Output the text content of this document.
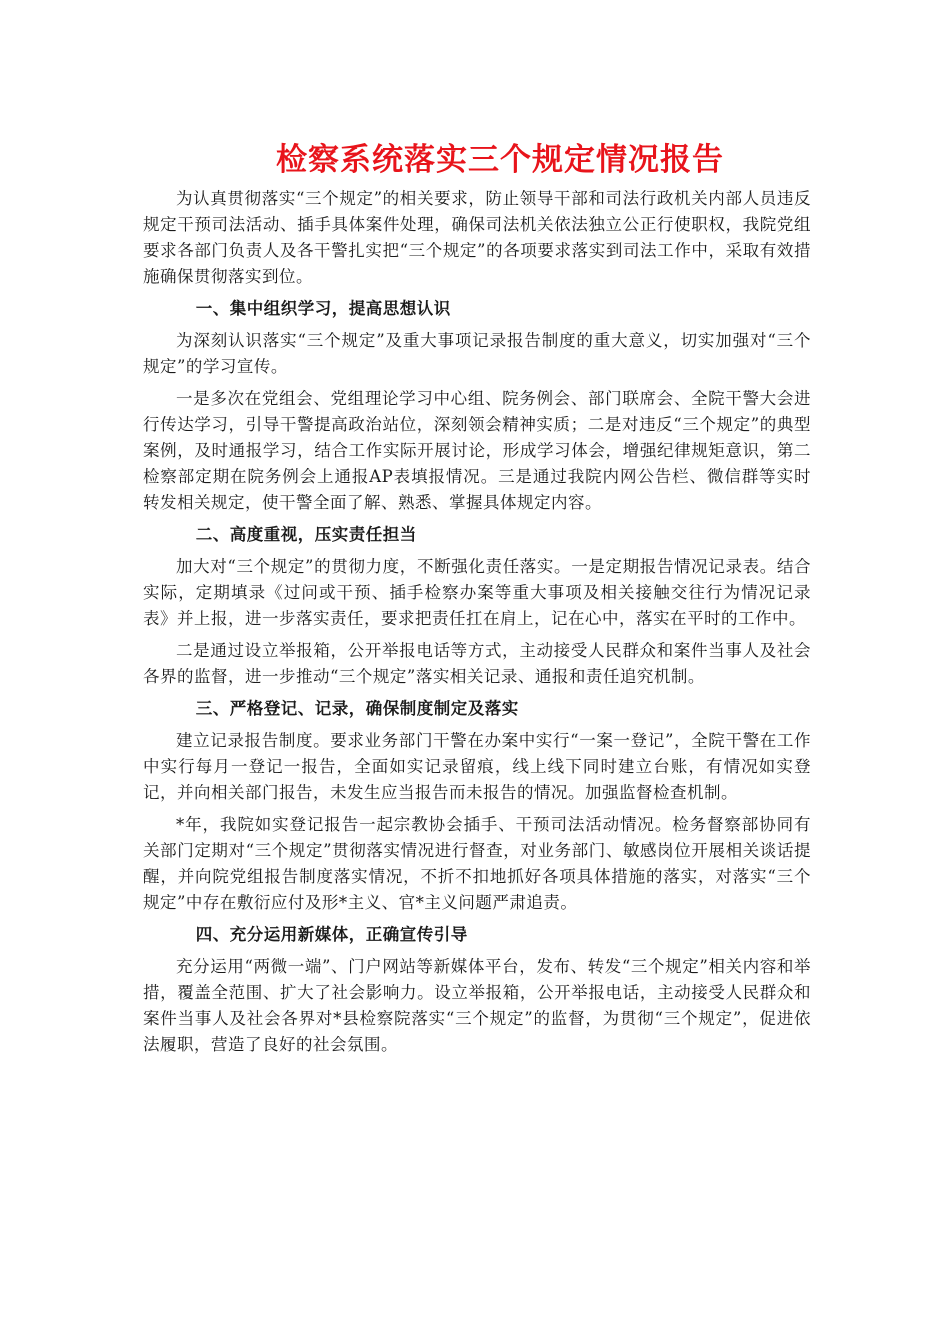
检察系统落实三个规定情况报告

为认真贯彻落实“三个规定”的相关要求，防止领导干部和司法行政机关内部人员违反规定干预司法活动、插手具体案件处理，确保司法机关依法独立公正行使职权，我院党组要求各部门负责人及各干警扎实把“三个规定”的各项要求落实到司法工作中，采取有效措施确保贯彻落实到位。

一、集中组织学习，提高思想认识

为深刻认识落实“三个规定”及重大事项记录报告制度的重大意义，切实加强对“三个规定”的学习宣传。

一是多次在党组会、党组理论学习中心组、院务例会、部门联席会、全院干警大会进行传达学习，引导干警提高政治站位，深刻领会精神实质；二是对违反“三个规定”的典型案例，及时通报学习，结合工作实际开展讨论，形成学习体会，增强纪律规矩意识，第二检察部定期在院务例会上通报AP表填报情况。三是通过我院内网公告栏、微信群等实时转发相关规定，使干警全面了解、熟悉、掌握具体规定内容。

二、高度重视，压实责任担当

加大对“三个规定”的贯彻力度，不断强化责任落实。一是定期报告情况记录表。结合实际，定期填录《过问或干预、插手检察办案等重大事项及相关接触交往行为情况记录表》并上报，进一步落实责任，要求把责任扛在肩上，记在心中，落实在平时的工作中。

二是通过设立举报箱，公开举报电话等方式，主动接受人民群众和案件当事人及社会各界的监督，进一步推动“三个规定”落实相关记录、通报和责任追究机制。

三、严格登记、记录，确保制度制定及落实

建立记录报告制度。要求业务部门干警在办案中实行“一案一登记”，全院干警在工作中实行每月一登记一报告，全面如实记录留痕，线上线下同时建立台账，有情况如实登记，并向相关部门报告，未发生应当报告而未报告的情况。加强监督检查机制。

*年，我院如实登记报告一起宗教协会插手、干预司法活动情况。检务督察部协同有关部门定期对“三个规定”贯彻落实情况进行督查，对业务部门、敏感岗位开展相关谈话提醒，并向院党组报告制度落实情况，不折不扣地抓好各项具体措施的落实，对落实“三个规定”中存在敷衍应付及形*主义、官*主义问题严肃追责。

四、充分运用新媒体，正确宣传引导

充分运用“两微一端”、门户网站等新媒体平台，发布、转发“三个规定”相关内容和举措，覆盖全范围、扩大了社会影响力。设立举报箱，公开举报电话，主动接受人民群众和案件当事人及社会各界对*县检察院落实“三个规定”的监督，为贯彻“三个规定”，促进依法履职，营造了良好的社会氛围。
